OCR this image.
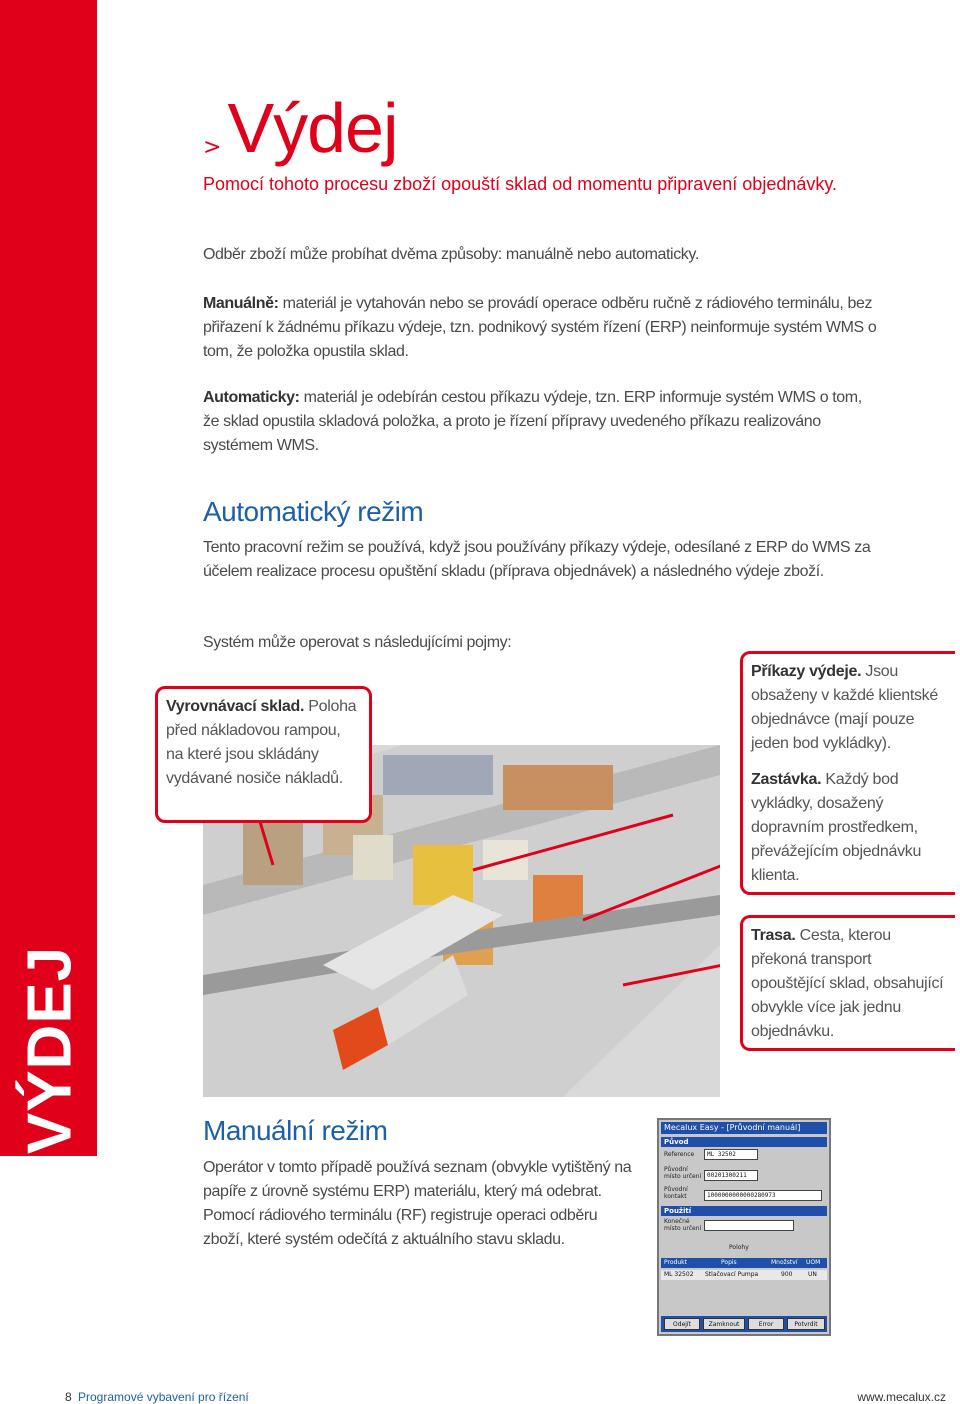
VÝDEJ
>Výdej
Pomocí tohoto procesu zboží opouští sklad od momentu připravení objednávky.
Odběr zboží může probíhat dvěma způsoby: manuálně nebo automaticky.
Manuálně: materiál je vytahován nebo se provádí operace odběru ručně z rádiového terminálu, bez přiřazení k žádnému příkazu výdeje, tzn. podnikový systém řízení (ERP) neinformuje systém WMS o tom, že položka opustila sklad.
Automaticky: materiál je odebírán cestou příkazu výdeje, tzn. ERP informuje systém WMS o tom, že sklad opustila skladová položka, a proto je řízení přípravy uvedeného příkazu realizováno systémem WMS.
Automatický režim
Tento pracovní režim se používá, když jsou používány příkazy výdeje, odesílané z ERP do WMS za účelem realizace procesu opuštění skladu (příprava objednávek) a následného výdeje zboží.
Systém může operovat s následujícími pojmy:
Vyrovnávací sklad. Poloha před nákladovou rampou, na které jsou skládány vydávané nosiče nákladů.
Příkazy výdeje. Jsou obsaženy v každé klientské objednávce (mají pouze jeden bod vykládky).
Zastávka. Každý bod vykládky, dosažený dopravním prostředkem, převážejícím objednávku klienta.
Trasa. Cesta, kterou překoná transport opouštějící sklad, obsahující obvykle více jak jednu objednávku.
Manuální režim
Operátor v tomto případě používá seznam (obvykle vytištěný na papíře z úrovně systému ERP) materiálu, který má odebrat. Pomocí rádiového terminálu (RF) registruje operaci odběru zboží, které systém odečítá z aktuálního stavu skladu.
Mecalux Easy - [Průvodní manuál]
Původ
Reference	ML 32502
Původní místo určení 00201300211
Původní kontakt	1000000000000280973
Použití
Konečné místo určení
Polohy
Produkt	Popis	Množství UOM
ML 32502 Stlačovací Pumpa	900	UN
Odejít	Zamknout	Error	Potvrdit
8 Programové vybavení pro řízení	www.mecalux.cz
